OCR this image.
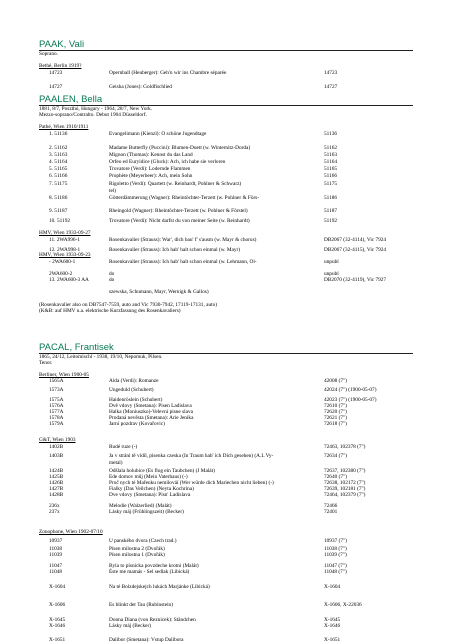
PAAK, Vali
Soprano.
Bethé, Berlin 1919?
14723	Opernball (Heuberger): Geh'n wir ins Chambre séparée	14723
14727	Geisha (Jones): Goldfischlied	14727
PAALEN, Bella
1881, 8/7, Poszthó, Hungary - 1964, 28/7, New York.
Mezzo-soprano/Contralto. Debut 1904 Düsseldorf.
Pathé, Wien 1910/1911
1. 51136	Evangelimann (Kienzl): O schöne Jugendtage	51136
2. 51162	Madame Butterfly (Puccini): Blumen-Duett (w. Winternitz-Dorda)	51162
3. 51163	Mignon (Thomas): Kennst du das Land	51163
4. 51164	Orfeo ed Euryidice (Gluck): Ach, ich habe sie verloren	51164
5. 51165	Trovatore (Verdi): Lodernde Flammen	51165
6. 51166	Prophète (Meyerbeer): Ach, mein Sohn	51166
7. 51175	Rigoletto (Verdi): Quartett (w. Reinhardt, Pohlner & Schwarz)	51175
8. 51186	Götterdämmerung (Wagner): Rheintöchter-Terzett (w. Pohlner & Förs-	51186
9. 51187	Rheingold (Wagner): Rheintöchter-Terzett (w. Pohlner & Förstel)	51187
10. 51192	Trovatore (Verdi): Nicht darfst du von meiner Seite (w. Reinhardt)	51192
HMV, Wien 1933-09-27
11. 2WA996-1	Rosenkavalier (Strauss): War', dich bau' f' s'ausm (w. Mayr & chorus)	DB2067 (32-4114), Vic 7924
12. 2WA998-1	Rosenkavalier (Strauss): Ich hab' halt schon einmal (w. Mayr)	DB2067 (32-4115), Vic 7924
HMV, Wien 1933-09-23
- 2WA600-1	Rosenkavalier (Strauss): Ich hab' halt schon einmal (w. Lehmann, Ol-	unpubl
2WA600-2	do	unpubl
13. 2WA600-3 AA	do	DB2070 (32-4119), Vic 7927
PACAL, Frantisek
1865, 24/12, Leitomischl - 1938, 19/10, Nepomuk, Pilsen.
Tenor.
Berliner, Wien 1900-05
1565A	Aida (Verdi): Romanze	42008 (7")
1573A	Ungeduld (Schubert)	42024 (7") (1900-05-07)
1575A	Haidenröslein (Schubert)	42023 (7") (1900-05-07)
1576A	Dvě vdovy (Smetana): Pisen Ladislava	72610 (7")
1577A	Halka (Moniuszko)-Velevni pisne slava	72620 (7")
1578A	Prodaná nevěsta (Smetana): Arie Jeníka	72621 (7")
1579A	Jarní pozdrav (Kovařovic)	72618 (7")
G&T, Wien 1903
1402B	Rudé ruze (-)	72463, 102378 (7")
1403B	Ja v stráni tě vídíl, pisenka czeska (In Traum hab' ich Dich gesehen) (A.L Vy-	72634 (7")
1424B	Odšlala holubice (Es flog ein Taubchen) (J Malát)	72637, 102380 (7")
1425B	Ede domov můj (Mein Vaterhaus) (-)	72640 (7")
1426B	Proč nych té Mařenku nemilováí (Wer würde dich Mariechen nicht lieben) (-)	72638, 102172 (7")
1427B	Fialky (Das Veilchen) (Neyta Kochrína)	72639, 102181 (7")
1428B	Dve vdovy (Smetana): Pisn' Ladislava	72464, 102379 (7")
236x	Melodie (Walzerlied) (Malát)	72466
237x	Lásky máj (Frühlingszeit) (Becker)	72401
Zonophone, Wien 1902-07/10
10937	U panského dvora (Czech trad.)	10937 (7")
11038	Písen milostna 2 (Dvořák)	11038 (7")
11039	Písen milostna 1 (Dvořák)	11039 (7")
11047	Byla to písnicka povzdeche krotni (Malát)	11047 (7")
11048	Éste me mamás - Sel sedlak (Libická)	11048 (7")
X-1604	Na té Bolzdejskejch lukách Marjánke (Libická)	X-1604
X-1606	Es blinkt der Tau (Rubinstein)	X-1606, X-22036
X-1645	Donna Diana (von Reznicek): Ständchen	X-1645
X-1646	Lásky máj (Becker)	X-1646
X-1651	Dalibor (Smetana): Vstup Dalibora	X-1651
tel)
szewska, Schumann, Mayr, Wernigk & Gallos)
metal)
(Rosenkavalier also on DB7547-7559, auto and Vic 7930-7942, 17119-17131, auto)
(K&B: auf HMV u.a. elektrische Kurzfassung des Rosenkavaliers)
